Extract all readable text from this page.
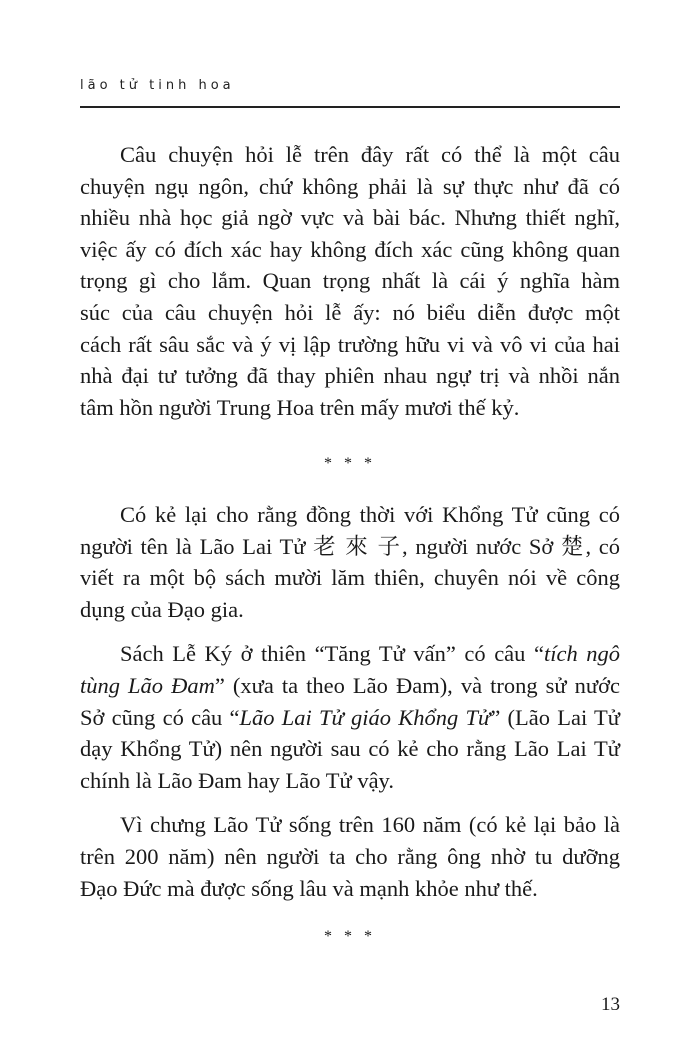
lão tử tinh hoa
Câu chuyện hỏi lễ trên đây rất có thể là một câu
chuyện ngụ ngôn, chứ không phải là sự thực như đã có
nhiều nhà học giả ngờ vực và bài bác. Nhưng thiết nghĩ,
việc ấy có đích xác hay không đích xác cũng không quan
trọng gì cho lắm. Quan trọng nhất là cái ý nghĩa hàm
súc của câu chuyện hỏi lễ ấy: nó biểu diễn được một
cách rất sâu sắc và ý vị lập trường hữu vi và vô vi của hai
nhà đại tư tưởng đã thay phiên nhau ngự trị và nhồi nắn
tâm hồn người Trung Hoa trên mấy mươi thế kỷ.
* * *
Có kẻ lại cho rằng đồng thời với Khổng Tử cũng có
người tên là Lão Lai Tử 老 來 子, người nước Sở 楚, có
viết ra một bộ sách mười lăm thiên, chuyên nói về công
dụng của Đạo gia.
Sách Lễ Ký ở thiên “Tăng Tử vấn” có câu “tích ngô
tùng Lão Đam” (xưa ta theo Lão Đam), và trong sử nước
Sở cũng có câu “Lão Lai Tử giáo Khổng Tử” (Lão Lai Tử
dạy Khổng Tử) nên người sau có kẻ cho rằng Lão Lai Tử
chính là Lão Đam hay Lão Tử vậy.
Vì chưng Lão Tử sống trên 160 năm (có kẻ lại bảo là
trên 200 năm) nên người ta cho rằng ông nhờ tu dưỡng
Đạo Đức mà được sống lâu và mạnh khỏe như thế.
* * *
13
